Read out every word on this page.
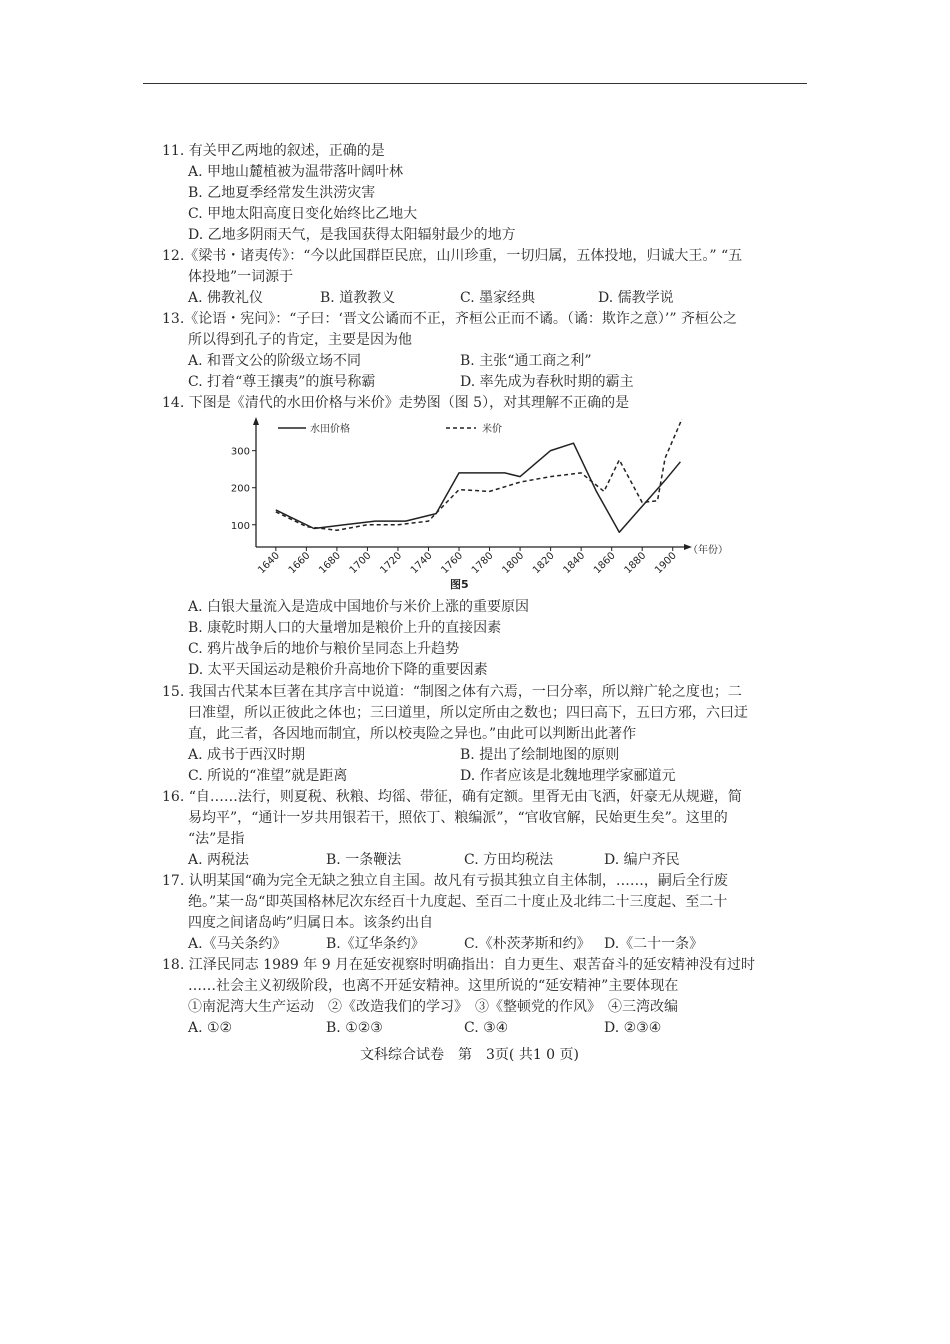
11. 有关甲乙两地的叙述，正确的是
A. 甲地山麓植被为温带落叶阔叶林
B. 乙地夏季经常发生洪涝灾害
C. 甲地太阳高度日变化始终比乙地大
D. 乙地多阴雨天气，是我国获得太阳辐射最少的地方
12.《梁书・诸夷传》：“今以此国群臣民庶，山川珍重，一切归属，五体投地，归诚大王。” “五
体投地”一词源于
A. 佛教礼仪	B. 道教教义	C. 墨家经典	D. 儒教学说
13.《论语・宪问》：“子曰：‘晋文公谲而不正，齐桓公正而不谲。（谲：欺诈之意）’” 齐桓公之
所以得到孔子的肯定，主要是因为他
A. 和晋文公的阶级立场不同	B. 主张“通工商之利”
C. 打着“尊王攘夷”的旗号称霸	D. 率先成为春秋时期的霸主
14. 下图是《清代的水田价格与米价》走势图（图 5），对其理解不正确的是
100
200
300
1640 1660 1680 1700 1720 1740 1760 1780 1800 1820 1840 1860 1880 1900
水田价格	米价
（年份）
图5
A. 白银大量流入是造成中国地价与米价上涨的重要原因
B. 康乾时期人口的大量增加是粮价上升的直接因素
C. 鸦片战争后的地价与粮价呈同态上升趋势
D. 太平天国运动是粮价升高地价下降的重要因素
15. 我国古代某本巨著在其序言中说道：“制图之体有六焉，一曰分率，所以辩广轮之度也；二
曰准望，所以正彼此之体也；三曰道里，所以定所由之数也；四曰高下，五曰方邪，六曰迂
直，此三者，各因地而制宜，所以校夷险之异也。”由此可以判断出此著作
A. 成书于西汉时期	B. 提出了绘制地图的原则
C. 所说的“准望”就是距离	D. 作者应该是北魏地理学家郦道元
16. “自……法行，则夏税、秋粮、均徭、带征，确有定额。里胥无由飞洒，奸豪无从规避，简
易均平”，“通计一岁共用银若干，照依丁、粮编派”，“官收官解，民始更生矣”。这里的
“法”是指
A. 两税法	B. 一条鞭法	C. 方田均税法	D. 编户齐民
17. 认明某国“确为完全无缺之独立自主国。故凡有亏损其独立自主体制，……，嗣后全行废
绝。”某一岛“即英国格林尼次东经百十九度起、至百二十度止及北纬二十三度起、至二十
四度之间诸岛屿”归属日本。该条约出自
A.《马关条约》	B.《辽华条约》	C.《朴茨茅斯和约》 D.《二十一条》
18. 江泽民同志 1989 年 9 月在延安视察时明确指出：自力更生、艰苦奋斗的延安精神没有过时
……社会主义初级阶段，也离不开延安精神。这里所说的“延安精神”主要体现在
①南泥湾大生产运动　②《改造我们的学习》　③《整顿党的作风》　④三湾改编
A. ①②	B. ①②③	C. ③④	D. ②③④
文科综合试卷　第　3页( 共1 0 页)
